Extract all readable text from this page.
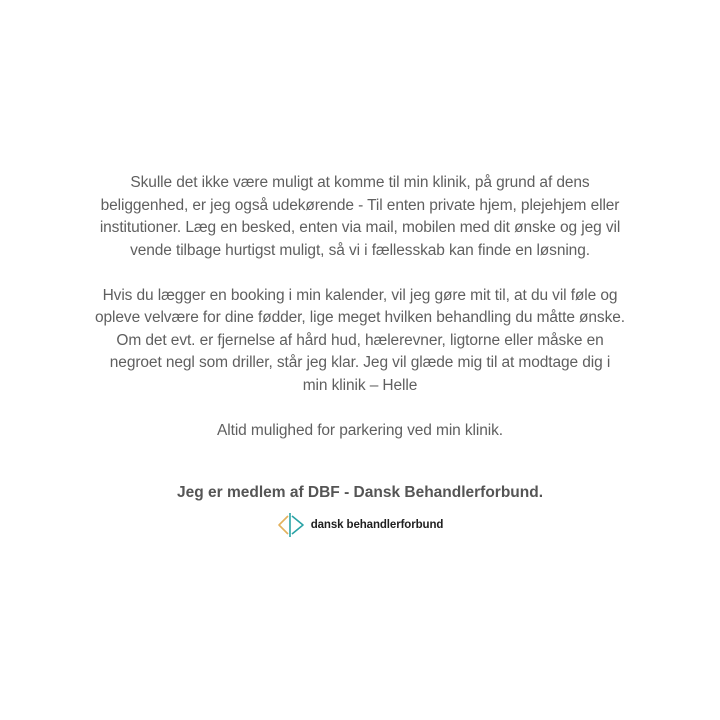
Skulle det ikke være muligt at komme til min klinik, på grund af dens
beliggenhed, er jeg også udekørende - Til enten private hjem, plejehjem eller
institutioner. Læg en besked, enten via mail, mobilen med dit ønske og jeg vil
vende tilbage hurtigst muligt, så vi i fællesskab kan finde en løsning.

Hvis du lægger en booking i min kalender, vil jeg gøre mit til, at du vil føle og
opleve velvære for dine fødder, lige meget hvilken behandling du måtte ønske.
Om det evt. er fjernelse af hård hud, hælerevner, ligtorne eller måske en
negroet negl som driller, står jeg klar. Jeg vil glæde mig til at modtage dig i
min klinik – Helle

Altid mulighed for parkering ved min klinik.

Jeg er medlem af DBF - Dansk Behandlerforbund.

dansk behandlerforbund
